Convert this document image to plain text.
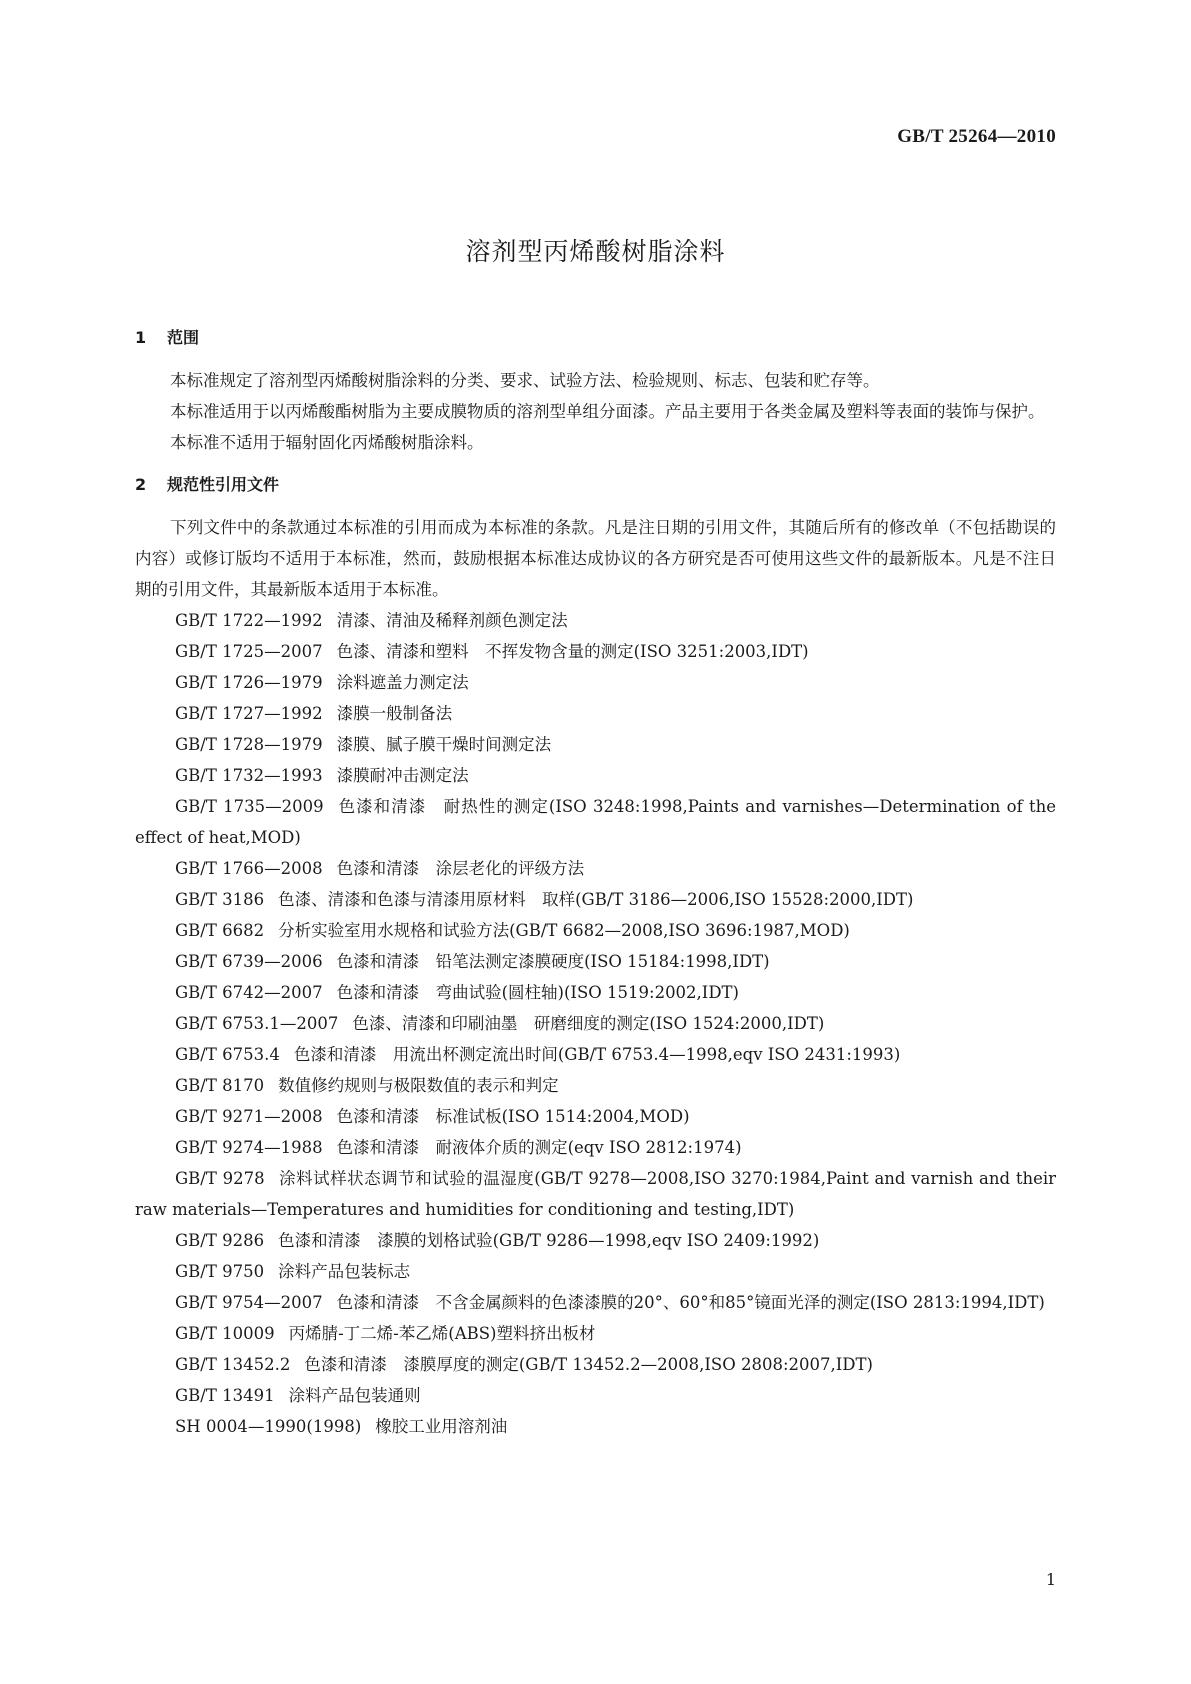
GB/T 25264—2010
溶剂型丙烯酸树脂涂料
1 范围

本标准规定了溶剂型丙烯酸树脂涂料的分类、要求、试验方法、检验规则、标志、包装和贮存等。

本标准适用于以丙烯酸酯树脂为主要成膜物质的溶剂型单组分面漆。产品主要用于各类金属及塑料等表面的装饰与保护。

本标准不适用于辐射固化丙烯酸树脂涂料。

2 规范性引用文件

下列文件中的条款通过本标准的引用而成为本标准的条款。凡是注日期的引用文件，其随后所有的修改单（不包括勘误的内容）或修订版均不适用于本标准，然而，鼓励根据本标准达成协议的各方研究是否可使用这些文件的最新版本。凡是不注日期的引用文件，其最新版本适用于本标准。

GB/T 1722—1992 清漆、清油及稀释剂颜色测定法
GB/T 1725—2007 色漆、清漆和塑料　不挥发物含量的测定(ISO 3251:2003,IDT)
GB/T 1726—1979 涂料遮盖力测定法
GB/T 1727—1992 漆膜一般制备法
GB/T 1728—1979 漆膜、腻子膜干燥时间测定法
GB/T 1732—1993 漆膜耐冲击测定法
GB/T 1735—2009 色漆和清漆　耐热性的测定(ISO 3248:1998,Paints and varnishes—Determination of the effect of heat,MOD)
GB/T 1766—2008 色漆和清漆　涂层老化的评级方法
GB/T 3186 色漆、清漆和色漆与清漆用原材料　取样(GB/T 3186—2006,ISO 15528:2000,IDT)
GB/T 6682 分析实验室用水规格和试验方法(GB/T 6682—2008,ISO 3696:1987,MOD)
GB/T 6739—2006 色漆和清漆　铅笔法测定漆膜硬度(ISO 15184:1998,IDT)
GB/T 6742—2007 色漆和清漆　弯曲试验(圆柱轴)(ISO 1519:2002,IDT)
GB/T 6753.1—2007 色漆、清漆和印刷油墨　研磨细度的测定(ISO 1524:2000,IDT)
GB/T 6753.4 色漆和清漆　用流出杯测定流出时间(GB/T 6753.4—1998,eqv ISO 2431:1993)
GB/T 8170 数值修约规则与极限数值的表示和判定
GB/T 9271—2008 色漆和清漆　标准试板(ISO 1514:2004,MOD)
GB/T 9274—1988 色漆和清漆　耐液体介质的测定(eqv ISO 2812:1974)
GB/T 9278 涂料试样状态调节和试验的温湿度(GB/T 9278—2008,ISO 3270:1984,Paint and varnish and their raw materials—Temperatures and humidities for conditioning and testing,IDT)
GB/T 9286 色漆和清漆　漆膜的划格试验(GB/T 9286—1998,eqv ISO 2409:1992)
GB/T 9750 涂料产品包装标志
GB/T 9754—2007 色漆和清漆　不含金属颜料的色漆漆膜的20°、60°和85°镜面光泽的测定(ISO 2813:1994,IDT)
GB/T 10009 丙烯腈-丁二烯-苯乙烯(ABS)塑料挤出板材
GB/T 13452.2 色漆和清漆　漆膜厚度的测定(GB/T 13452.2—2008,ISO 2808:2007,IDT)
GB/T 13491 涂料产品包装通则
SH 0004—1990(1998) 橡胶工业用溶剂油
1
